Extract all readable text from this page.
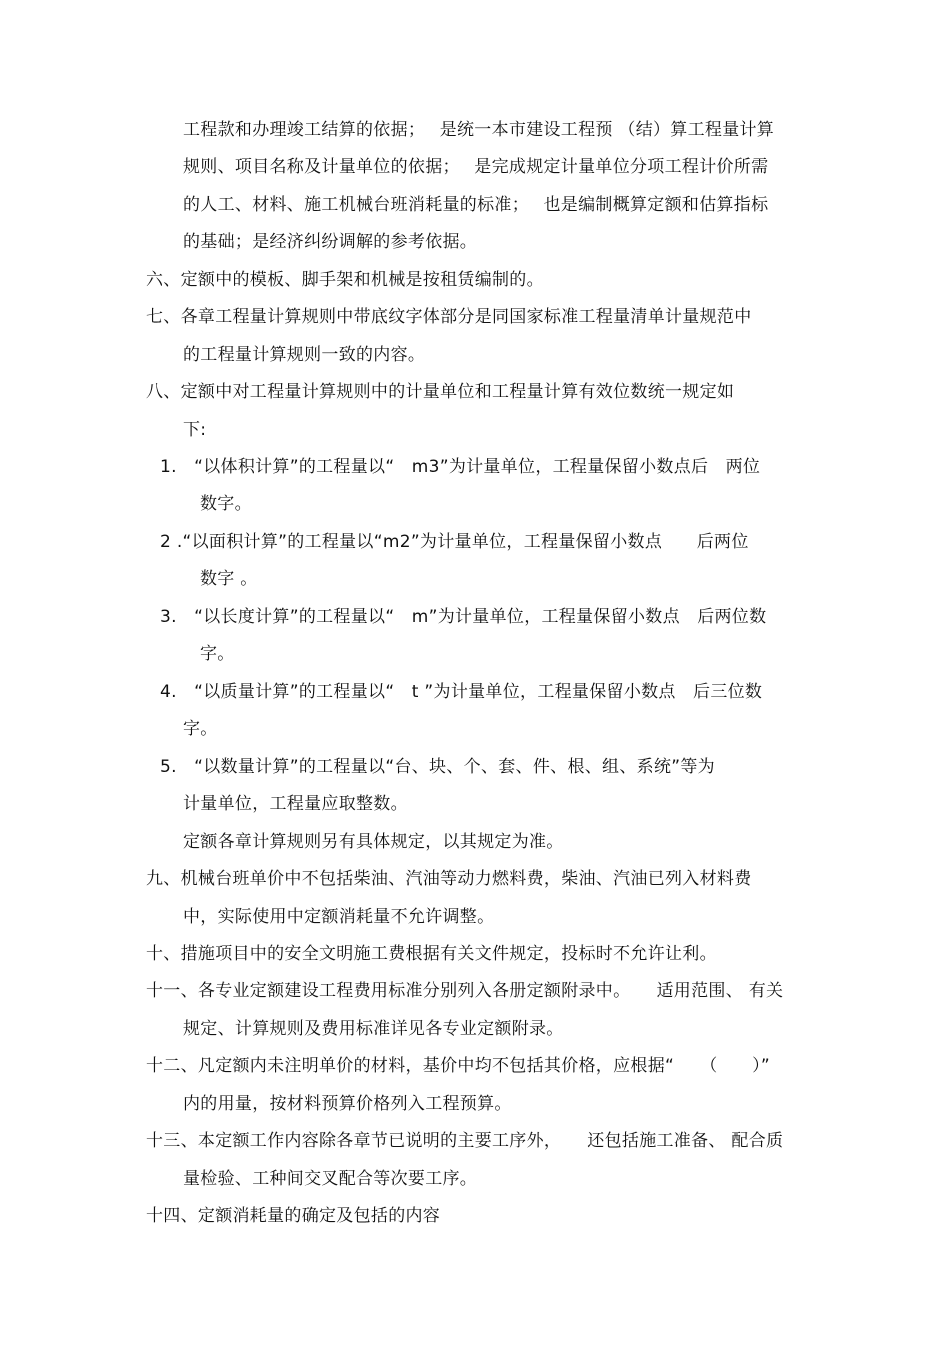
工程款和办理竣工结算的依据；　 是统一本市建设工程预 （结）算工程量计算
规则、项目名称及计量单位的依据；　 是完成规定计量单位分项工程计价所需
的人工、材料、施工机械台班消耗量的标准；　 也是编制概算定额和估算指标
的基础；是经济纠纷调解的参考依据。
六、定额中的模板、脚手架和机械是按租赁编制的。
七、各章工程量计算规则中带底纹字体部分是同国家标准工程量清单计量规范中
的工程量计算规则一致的内容。
八、定额中对工程量计算规则中的计量单位和工程量计算有效位数统一规定如
下:
1.　“以体积计算”的工程量以“　m3”为计量单位，工程量保留小数点后　两位
数字。
2 .“以面积计算”的工程量以“m2”为计量单位，工程量保留小数点　　后两位
数字 。
3.　“以长度计算”的工程量以“　m”为计量单位，工程量保留小数点　后两位数
字。
4.　“以质量计算”的工程量以“　t ”为计量单位，工程量保留小数点　后三位数
字。
5.　“以数量计算”的工程量以“台、块、个、套、件、根、组、系统”等为
计量单位，工程量应取整数。
定额各章计算规则另有具体规定，以其规定为准。
九、机械台班单价中不包括柴油、汽油等动力燃料费，柴油、汽油已列入材料费
中，实际使用中定额消耗量不允许调整。
十、措施项目中的安全文明施工费根据有关文件规定，投标时不允许让利。
十一、各专业定额建设工程费用标准分别列入各册定额附录中。　　适用范围、 有关
规定、计算规则及费用标准详见各专业定额附录。
十二、凡定额内未注明单价的材料，基价中均不包括其价格，应根据“　　（　　）”
内的用量，按材料预算价格列入工程预算。
十三、本定额工作内容除各章节已说明的主要工序外，　　还包括施工准备、 配合质
量检验、工种间交叉配合等次要工序。
十四、定额消耗量的确定及包括的内容
